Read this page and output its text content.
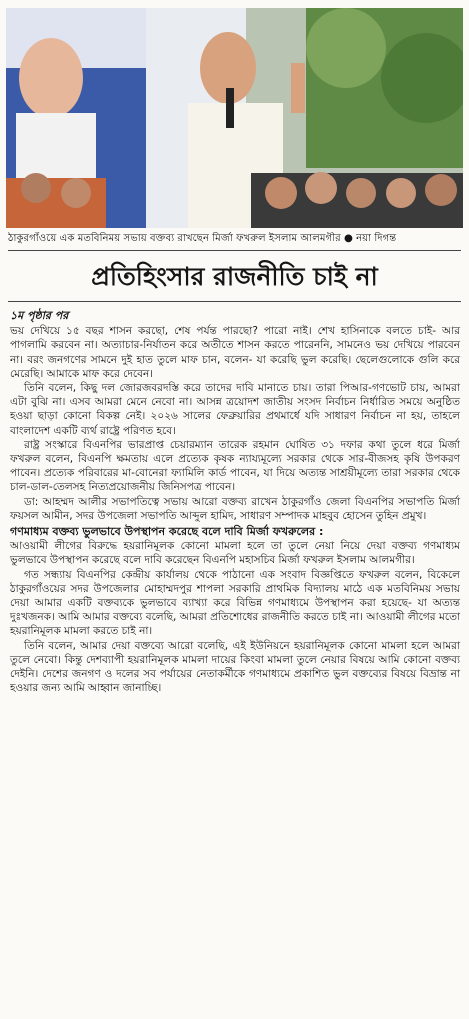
ঠাকুরগাঁওয়ে এক মতবিনিময় সভায় বক্তব্য রাখছেন মির্জা ফখরুল ইসলাম আলমগীর ● নয়া দিগন্ত
প্রতিহিংসার রাজনীতি চাই না
১ম পৃষ্ঠার পর

ভয় দেখিয়ে ১৫ বছর শাসন করছো, শেষ পর্যন্ত পারছো? পারো নাই। শেখ হাসিনাকে বলতে চাই- আর পাগলামি করবেন না। অত্যাচার-নির্যাতন করে অতীতে শাসন করতে পারেননি, সামনেও ভয় দেখিয়ে পারবেন না। বরং জনগণের সামনে দুই হাত তুলে মাফ চান, বলেন- যা করেছি ভুল করেছি। ছেলেগুলোকে গুলি করে মেরেছি। আমাকে মাফ করে দেবেন।

তিনি বলেন, কিছু দল জোরজবরদস্তি করে তাদের দাবি মানাতে চায়। তারা পিআর-গণভোট চায়, আমরা এটা বুঝি না। এসব আমরা মেনে নেবো না। আসন্ন ত্রয়োদশ জাতীয় সংসদ নির্বাচন নির্ধারিত সময়ে অনুষ্ঠিত হওয়া ছাড়া কোনো বিকল্প নেই। ২০২৬ সালের ফেব্রুয়ারির প্রথমার্ধে যদি সাধারণ নির্বাচন না হয়, তাহলে বাংলাদেশ একটি ব্যর্থ রাষ্ট্রে পরিণত হবে।

রাষ্ট্র সংস্কারে বিএনপির ভারপ্রাপ্ত চেয়ারম্যান তারেক রহমান ঘোষিত ৩১ দফার কথা তুলে ধরে মির্জা ফখরুল বলেন, বিএনপি ক্ষমতায় এলে প্রত্যেক কৃষক ন্যায্যমূল্যে সরকার থেকে সার-বীজসহ কৃষি উপকরণ পাবেন। প্রত্যেক পরিবারের মা-বোনেরা ফ্যামিলি কার্ড পাবেন, যা দিয়ে অত্যন্ত সাশ্রয়ীমূল্যে তারা সরকার থেকে চাল-ডাল-তেলসহ নিত্যপ্রয়োজনীয় জিনিসপত্র পাবেন।

ডা: আহম্মদ আলীর সভাপতিত্বে সভায় আরো বক্তব্য রাখেন ঠাকুরগাঁও জেলা বিএনপির সভাপতি মির্জা ফয়সল আমীন, সদর উপজেলা সভাপতি আব্দুল হামিদ, সাধারণ সম্পাদক মাহবুব হোসেন তুহিন প্রমুখ।

গণমাধ্যম বক্তব্য ভুলভাবে উপস্থাপন করেছে বলে দাবি মির্জা ফখরুলের :

আওয়ামী লীগের বিরুদ্ধে হয়রানিমূলক কোনো মামলা হলে তা তুলে নেয়া নিয়ে দেয়া বক্তব্য গণমাধ্যম ভুলভাবে উপস্থাপন করেছে বলে দাবি করেছেন বিএনপি মহাসচিব মির্জা ফখরুল ইসলাম আলমগীর।

গত সন্ধ্যায় বিএনপির কেন্দ্রীয় কার্যালয় থেকে পাঠানো এক সংবাদ বিজ্ঞপ্তিতে ফখরুল বলেন, বিকেলে ঠাকুরগাঁওয়ের সদর উপজেলার মোহাম্মদপুর শাপলা সরকারি প্রাথমিক বিদ্যালয় মাঠে এক মতবিনিময় সভায় দেয়া আমার একটি বক্তব্যকে ভুলভাবে ব্যাখ্যা করে বিভিন্ন গণমাধ্যমে উপস্থাপন করা হয়েছে- যা অত্যন্ত দুঃখজনক। আমি আমার বক্তব্যে বলেছি, আমরা প্রতিশোধের রাজনীতি করতে চাই না। আওয়ামী লীগের মতো হয়রানিমূলক মামলা করতে চাই না।

তিনি বলেন, আমার দেয়া বক্তব্যে আরো বলেছি, এই ইউনিয়নে হয়রানিমূলক কোনো মামলা হলে আমরা তুলে নেবো। কিন্তু দেশব্যাপী হয়রানিমূলক মামলা দায়ের কিংবা মামলা তুলে নেয়ার বিষয়ে আমি কোনো বক্তব্য দেইনি। দেশের জনগণ ও দলের সব পর্যায়ের নেতাকর্মীকে গণমাধ্যমে প্রকাশিত ভুল বক্তব্যের বিষয়ে বিভ্রান্ত না হওয়ার জন্য আমি আহ্বান জানাচ্ছি।
